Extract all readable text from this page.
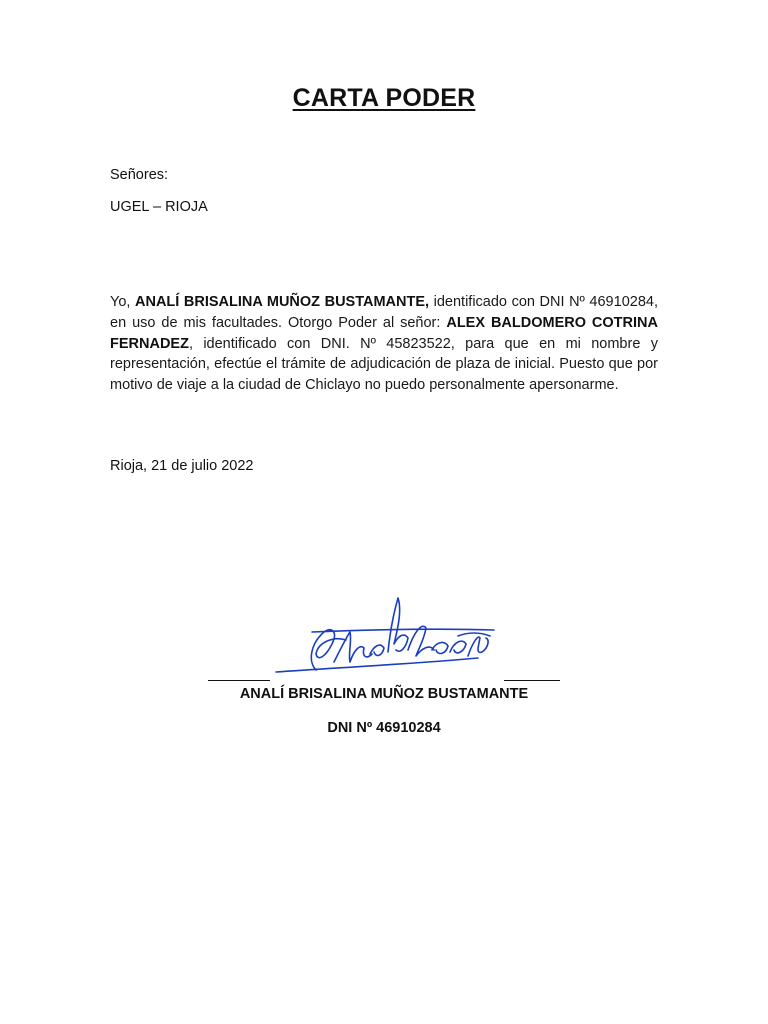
CARTA PODER
Señores:
UGEL – RIOJA

Yo, ANALÍ BRISALINA MUÑOZ BUSTAMANTE, identificado con DNI Nº 46910284, en uso de mis facultades. Otorgo Poder al señor: ALEX BALDOMERO COTRINA FERNADEZ, identificado con DNI. Nº 45823522, para que en mi nombre y representación, efectúe el trámite de adjudicación de plaza de inicial. Puesto que por motivo de viaje a la ciudad de Chiclayo no puedo personalmente apersonarme.

Rioja, 21 de julio 2022
ANALÍ BRISALINA MUÑOZ BUSTAMANTE
DNI Nº 46910284
